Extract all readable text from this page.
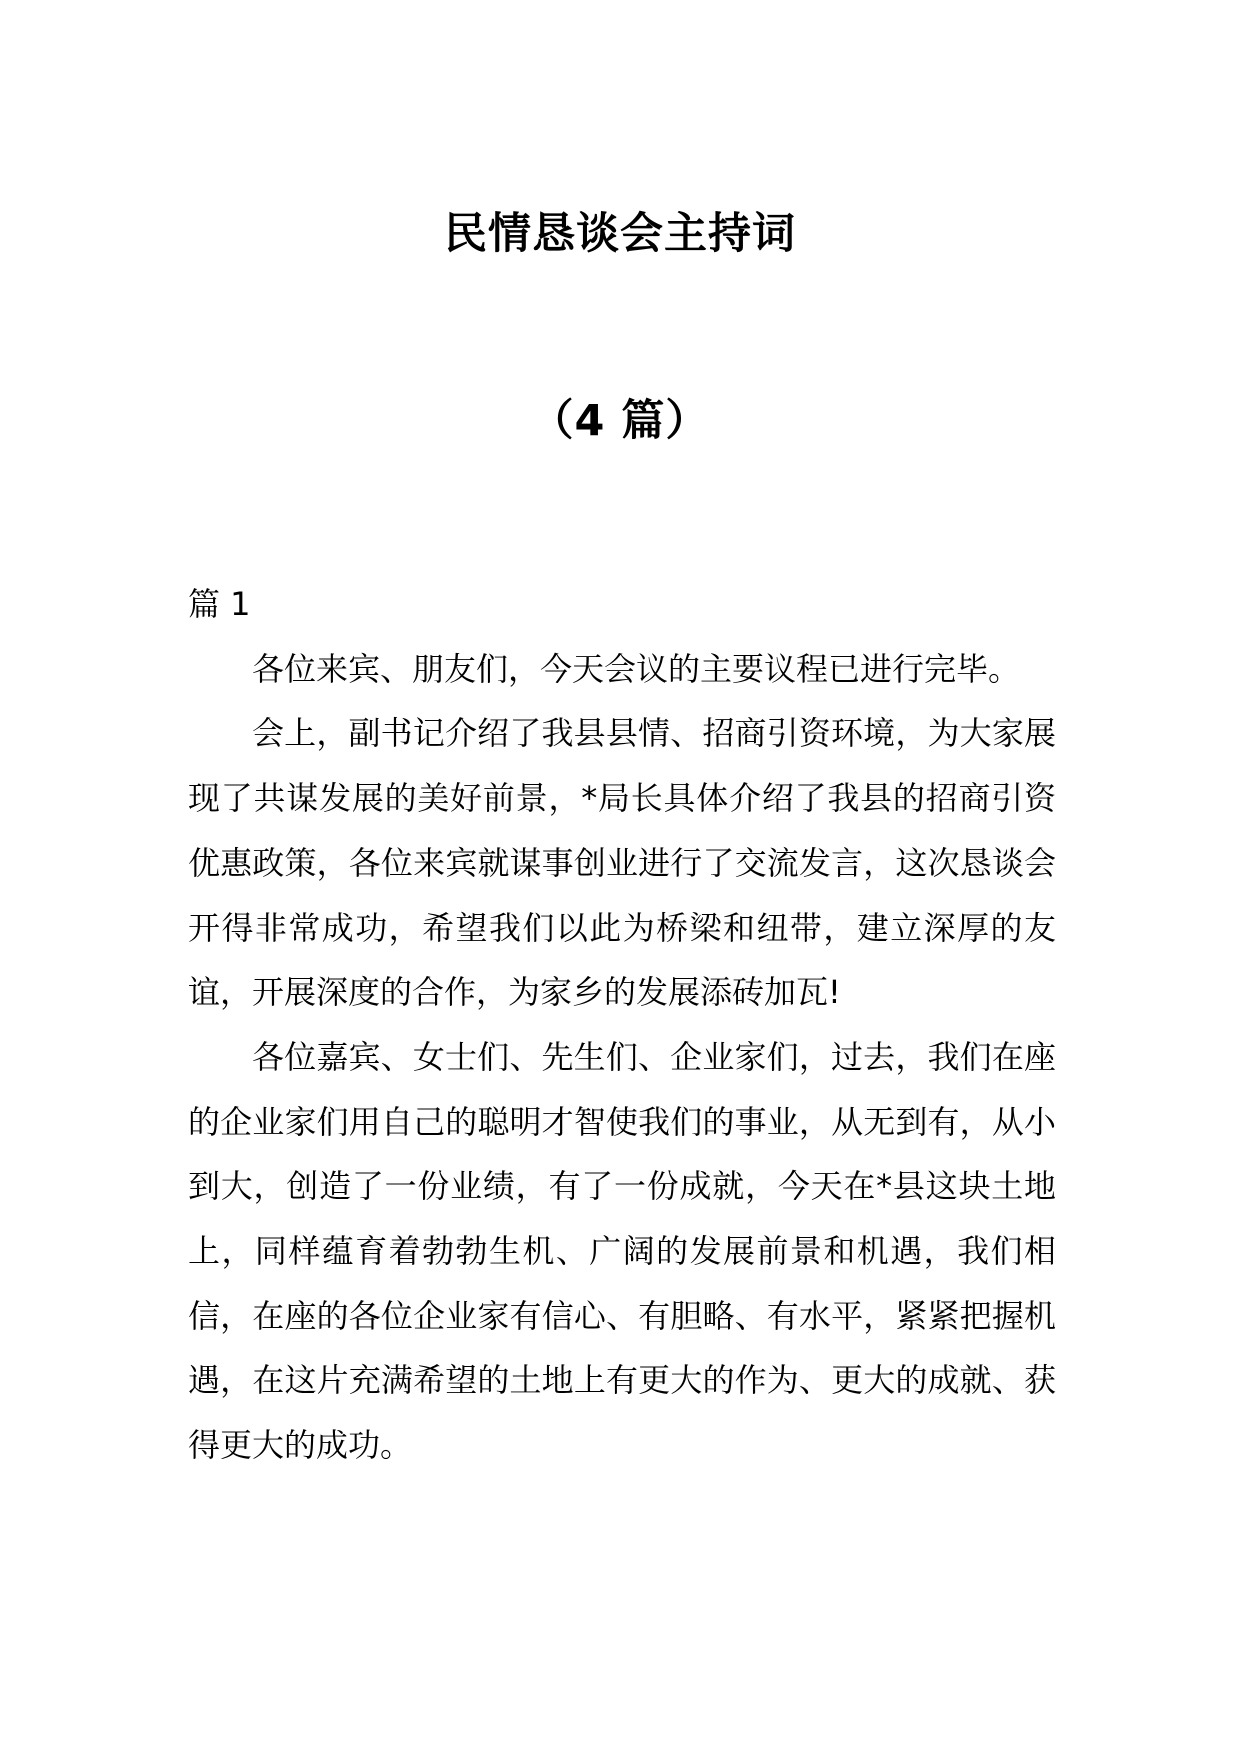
民情恳谈会主持词
（4 篇）

篇 1

各位来宾、朋友们，今天会议的主要议程已进行完毕。

会上，副书记介绍了我县县情、招商引资环境，为大家展现了共谋发展的美好前景，*局长具体介绍了我县的招商引资优惠政策，各位来宾就谋事创业进行了交流发言，这次恳谈会开得非常成功，希望我们以此为桥梁和纽带，建立深厚的友谊，开展深度的合作，为家乡的发展添砖加瓦!

各位嘉宾、女士们、先生们、企业家们，过去，我们在座的企业家们用自己的聪明才智使我们的事业，从无到有，从小到大，创造了一份业绩，有了一份成就，今天在*县这块土地上，同样蕴育着勃勃生机、广阔的发展前景和机遇，我们相信，在座的各位企业家有信心、有胆略、有水平，紧紧把握机遇，在这片充满希望的土地上有更大的作为、更大的成就、获得更大的成功。
